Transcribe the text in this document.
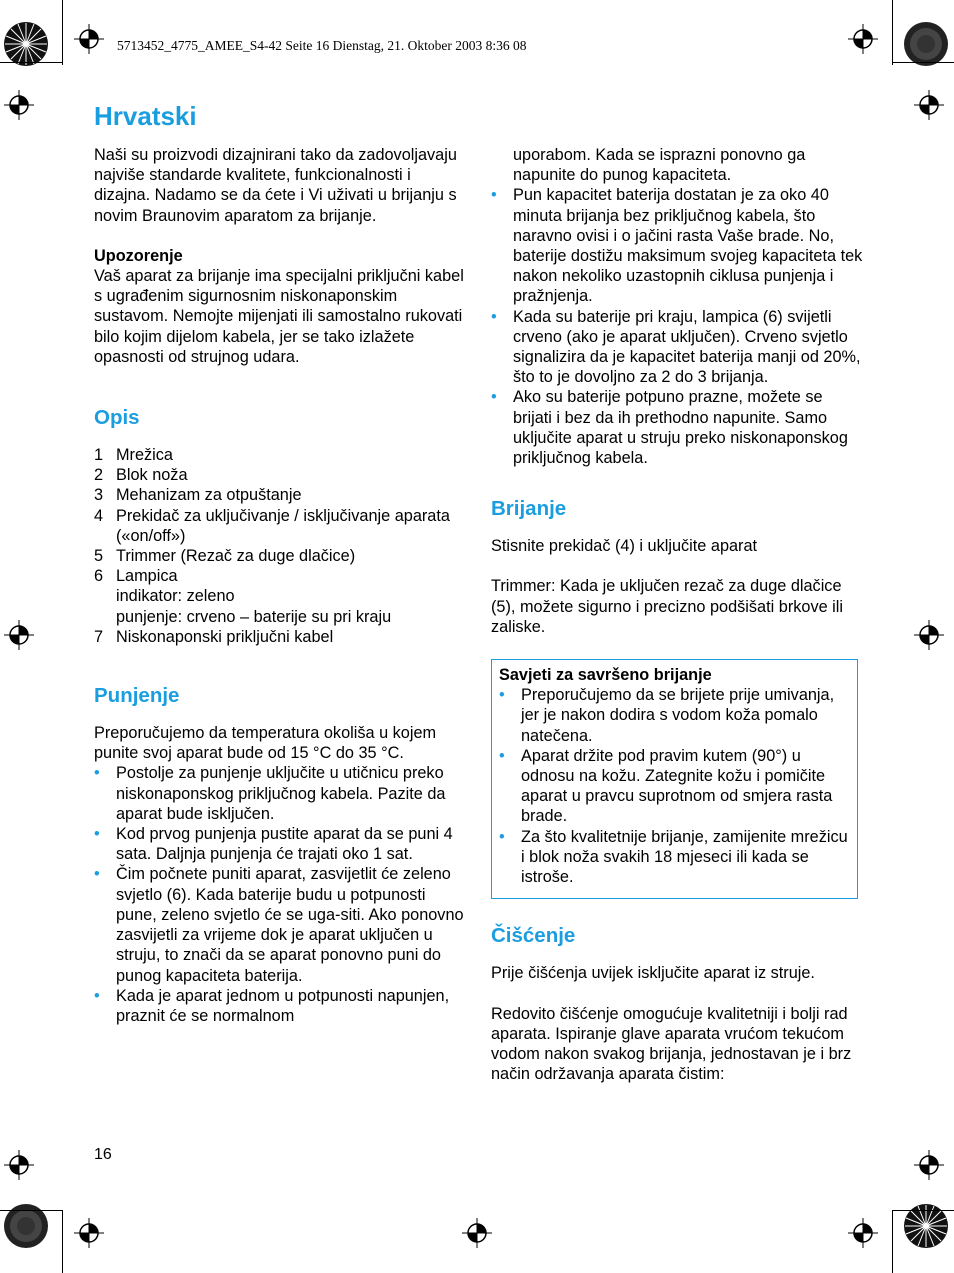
5713452_4775_AMEE_S4-42 Seite 16 Dienstag, 21. Oktober 2003 8:36 08
Hrvatski

Naši su proizvodi dizajnirani tako da zadovoljavaju najviše standarde kvalitete, funkcionalnosti i dizajna. Nadamo se da ćete i Vi uživati u brijanju s novim Braunovim aparatom za brijanje.

Upozorenje

Vaš aparat za brijanje ima specijalni priključni kabel s ugrađenim sigurnosnim niskonaponskim sustavom. Nemojte mijenjati ili samostalno rukovati bilo kojim dijelom kabela, jer se tako izlažete opasnosti od strujnog udara.

Opis
1 Mrežica
2 Blok noža
3 Mehanizam za otpuštanje
4 Prekidač za uključivanje / isključivanje aparata («on/off»)
5 Trimmer (Rezač za duge dlačice)
6 Lampica
indikator: zeleno
punjenje: crveno – baterije su pri kraju
7 Niskonaponski priključni kabel
Punjenje

Preporučujemo da temperatura okoliša u kojem punite svoj aparat bude od 15 °C do 35 °C.

• Postolje za punjenje uključite u utičnicu preko niskonaponskog priključnog kabela. Pazite da aparat bude isključen.
• Kod prvog punjenja pustite aparat da se puni 4 sata. Daljnja punjenja će trajati oko 1 sat.
• Čim počnete puniti aparat, zasvijetlit će zeleno svjetlo (6). Kada baterije budu u potpunosti pune, zeleno svjetlo će se uga-siti. Ako ponovno zasvijetli za vrijeme dok je aparat uključen u struju, to znači da se aparat ponovno puni do punog kapaciteta baterija.
• Kada je aparat jednom u potpunosti napunjen, praznit će se normalnom

uporabom. Kada se isprazni ponovno ga napunite do punog kapaciteta.

• Pun kapacitet baterija dostatan je za oko 40 minuta brijanja bez priključnog kabela, što naravno ovisi i o jačini rasta Vaše brade. No, baterije dostižu maksimum svojeg kapaciteta tek nakon nekoliko uzastopnih ciklusa punjenja i pražnjenja.
• Kada su baterije pri kraju, lampica (6) svijetli crveno (ako je aparat uključen). Crveno svjetlo signalizira da je kapacitet baterija manji od 20%, što to je dovoljno za 2 do 3 brijanja.
• Ako su baterije potpuno prazne, možete se brijati i bez da ih prethodno napunite. Samo uključite aparat u struju preko niskonaponskog priključnog kabela.
Brijanje

Stisnite prekidač (4) i uključite aparat

Trimmer: Kada je uključen rezač za duge dlačice (5), možete sigurno i precizno podšišati brkove ili zaliske.

Savjeti za savršeno brijanje

• Preporučujemo da se brijete prije umivanja, jer je nakon dodira s vodom koža pomalo natečena.
• Aparat držite pod pravim kutem (90°) u odnosu na kožu. Zategnite kožu i pomičite aparat u pravcu suprotnom od smjera rasta brade.
• Za što kvalitetnije brijanje, zamijenite mrežicu i blok noža svakih 18 mjeseci ili kada se istroše.
Čišćenje

Prije čišćenja uvijek isključite aparat iz struje.

Redovito čišćenje omogućuje kvalitetniji i bolji rad aparata. Ispiranje glave aparata vrućom tekućom vodom nakon svakog brijanja, jednostavan je i brz način održavanja aparata čistim:

16
